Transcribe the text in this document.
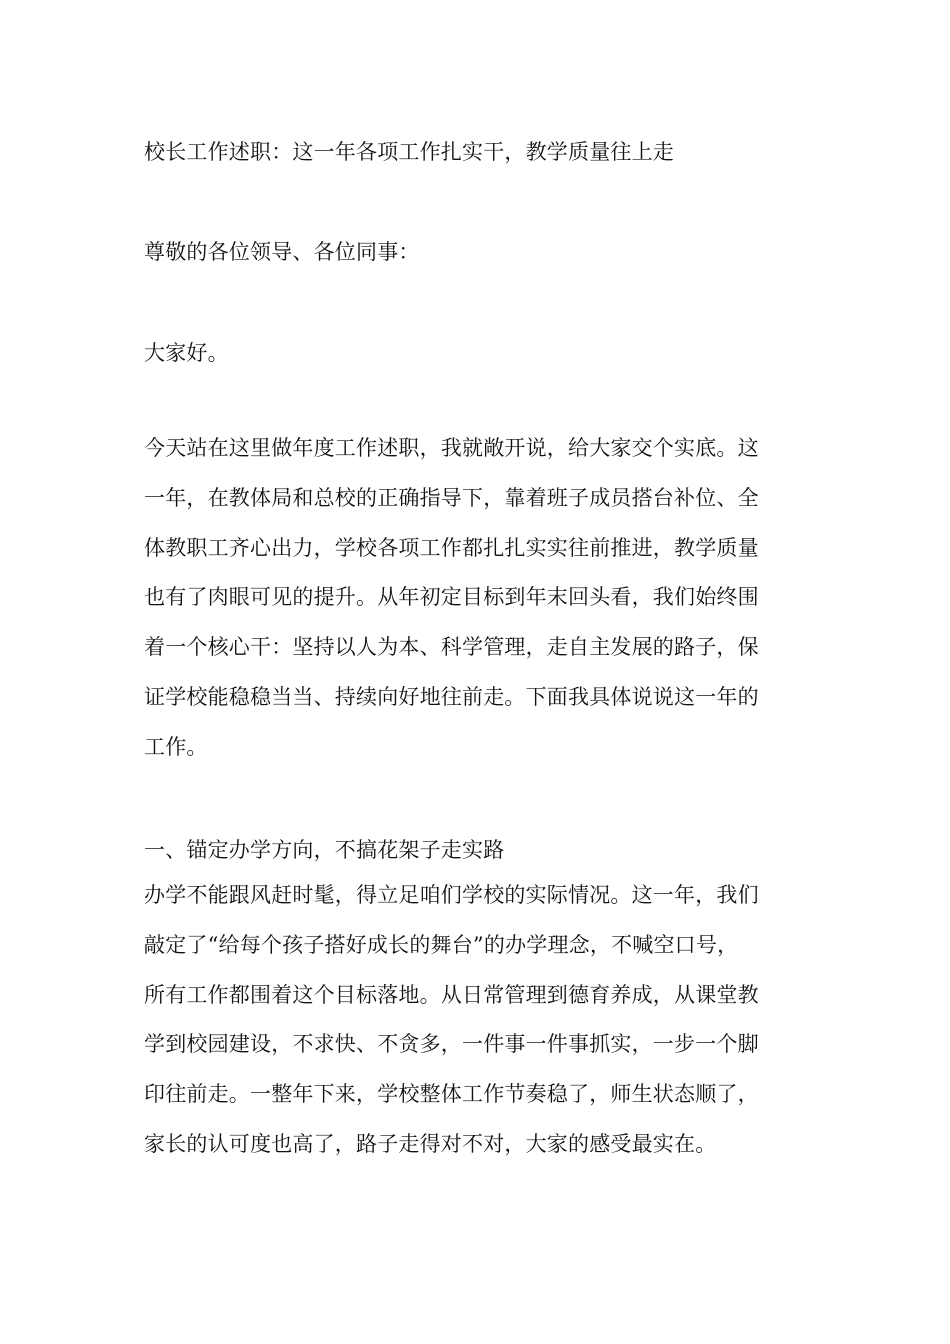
校长工作述职：这一年各项工作扎实干，教学质量往上走
尊敬的各位领导、各位同事：
大家好。
今天站在这里做年度工作述职，我就敞开说，给大家交个实底。这
一年，在教体局和总校的正确指导下，靠着班子成员搭台补位、全
体教职工齐心出力，学校各项工作都扎扎实实往前推进，教学质量
也有了肉眼可见的提升。从年初定目标到年末回头看，我们始终围
着一个核心干：坚持以人为本、科学管理，走自主发展的路子，保
证学校能稳稳当当、持续向好地往前走。下面我具体说说这一年的
工作。
一、锚定办学方向，不搞花架子走实路
办学不能跟风赶时髦，得立足咱们学校的实际情况。这一年，我们
敲定了“给每个孩子搭好成长的舞台”的办学理念，不喊空口号，
所有工作都围着这个目标落地。从日常管理到德育养成，从课堂教
学到校园建设，不求快、不贪多，一件事一件事抓实，一步一个脚
印往前走。一整年下来，学校整体工作节奏稳了，师生状态顺了，
家长的认可度也高了，路子走得对不对，大家的感受最实在。
